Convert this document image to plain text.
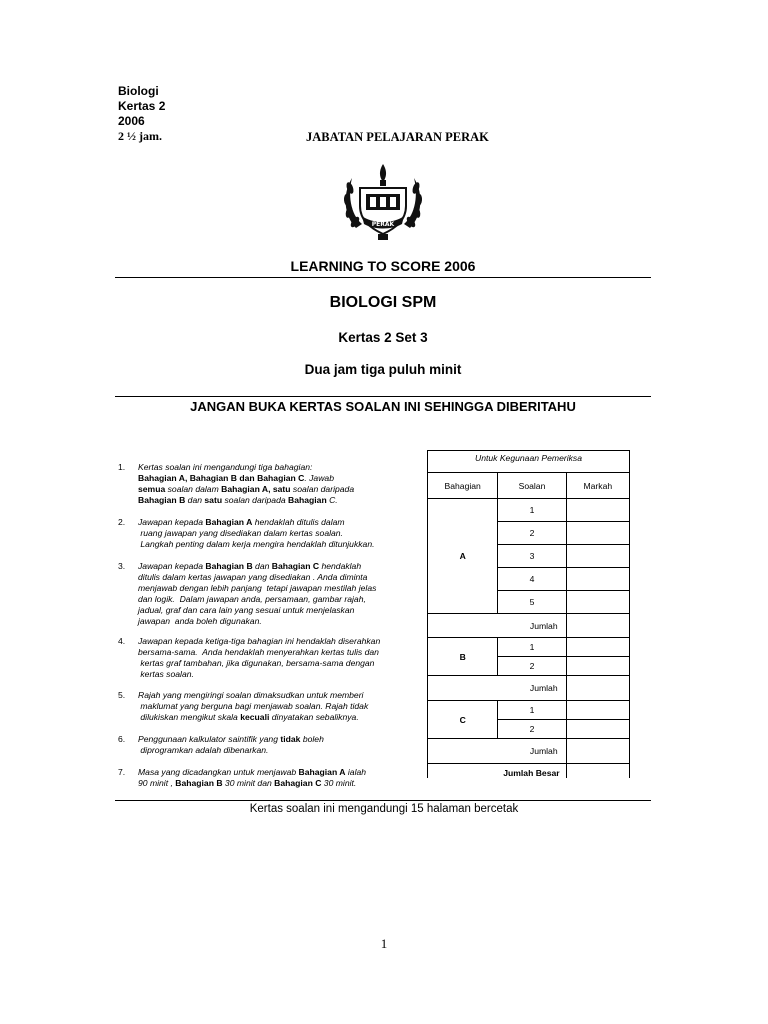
Biologi
Kertas 2
2006
2 ½ jam.	JABATAN PELAJARAN PERAK
PERAK
LEARNING TO SCORE 2006
BIOLOGI SPM
Kertas 2 Set 3
Dua jam tiga puluh minit
JANGAN BUKA KERTAS SOALAN INI SEHINGGA DIBERITAHU
1. Kertas soalan ini mengandungi tiga bahagian:
Bahagian A, Bahagian B dan Bahagian C. Jawab
semua soalan dalam Bahagian A, satu soalan daripada
Bahagian B dan satu soalan daripada Bahagian C.
2. Jawapan kepada Bahagian A hendaklah ditulis dalam
ruang jawapan yang disediakan dalam kertas soalan.
Langkah penting dalam kerja mengira hendaklah ditunjukkan.
3. Jawapan kepada Bahagian B dan Bahagian C hendaklah
ditulis dalam kertas jawapan yang disediakan . Anda diminta
menjawab dengan lebih panjang  tetapi jawapan mestilah jelas
dan logik.  Dalam jawapan anda, persamaan, gambar rajah,
jadual, graf dan cara lain yang sesuai untuk menjelaskan
jawapan  anda boleh digunakan.
4. Jawapan kepada ketiga-tiga bahagian ini hendaklah diserahkan
bersama-sama.  Anda hendaklah menyerahkan kertas tulis dan
kertas graf tambahan, jika digunakan, bersama-sama dengan
kertas soalan.
5. Rajah yang mengiringi soalan dimaksudkan untuk memberi
maklumat yang berguna bagi menjawab soalan. Rajah tidak
dilukiskan mengikut skala kecuali dinyatakan sebaliknya.
6. Penggunaan kalkulator saintifik yang tidak boleh
diprogramkan adalah dibenarkan.
7. Masa yang dicadangkan untuk menjawab Bahagian A ialah
90 minit , Bahagian B 30 minit dan Bahagian C 30 minit.
Untuk Kegunaan Pemeriksa		
Bahagian	Soalan	Markah
A	1	
	2	
	3	
	4	
	5	
Jumlah		
B	1	
	2	
Jumlah		
C	1	
	2	
Jumlah		
Jumlah Besar		
Kertas soalan ini mengandungi 15 halaman bercetak
1
